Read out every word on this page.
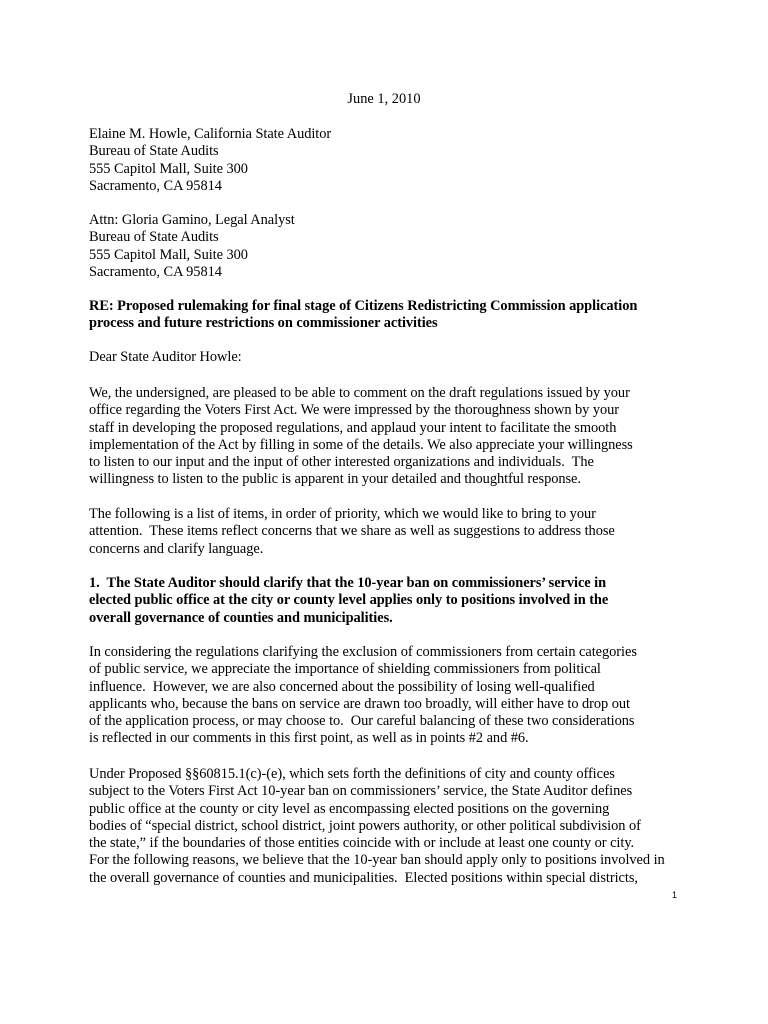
June 1, 2010
Elaine M. Howle, California State Auditor
Bureau of State Audits
555 Capitol Mall, Suite 300
Sacramento, CA 95814
Attn: Gloria Gamino, Legal Analyst
Bureau of State Audits
555 Capitol Mall, Suite 300
Sacramento, CA 95814
RE: Proposed rulemaking for final stage of Citizens Redistricting Commission application
process and future restrictions on commissioner activities
Dear State Auditor Howle:
We, the undersigned, are pleased to be able to comment on the draft regulations issued by your
office regarding the Voters First Act. We were impressed by the thoroughness shown by your
staff in developing the proposed regulations, and applaud your intent to facilitate the smooth
implementation of the Act by filling in some of the details. We also appreciate your willingness
to listen to our input and the input of other interested organizations and individuals.  The
willingness to listen to the public is apparent in your detailed and thoughtful response.
The following is a list of items, in order of priority, which we would like to bring to your
attention.  These items reflect concerns that we share as well as suggestions to address those
concerns and clarify language.
1.  The State Auditor should clarify that the 10-year ban on commissioners’ service in
elected public office at the city or county level applies only to positions involved in the
overall governance of counties and municipalities.
In considering the regulations clarifying the exclusion of commissioners from certain categories
of public service, we appreciate the importance of shielding commissioners from political
influence.  However, we are also concerned about the possibility of losing well-qualified
applicants who, because the bans on service are drawn too broadly, will either have to drop out
of the application process, or may choose to.  Our careful balancing of these two considerations
is reflected in our comments in this first point, as well as in points #2 and #6.
Under Proposed §§60815.1(c)-(e), which sets forth the definitions of city and county offices
subject to the Voters First Act 10-year ban on commissioners’ service, the State Auditor defines
public office at the county or city level as encompassing elected positions on the governing
bodies of “special district, school district, joint powers authority, or other political subdivision of
the state,” if the boundaries of those entities coincide with or include at least one county or city.
For the following reasons, we believe that the 10-year ban should apply only to positions involved in
the overall governance of counties and municipalities.  Elected positions within special districts,
1
